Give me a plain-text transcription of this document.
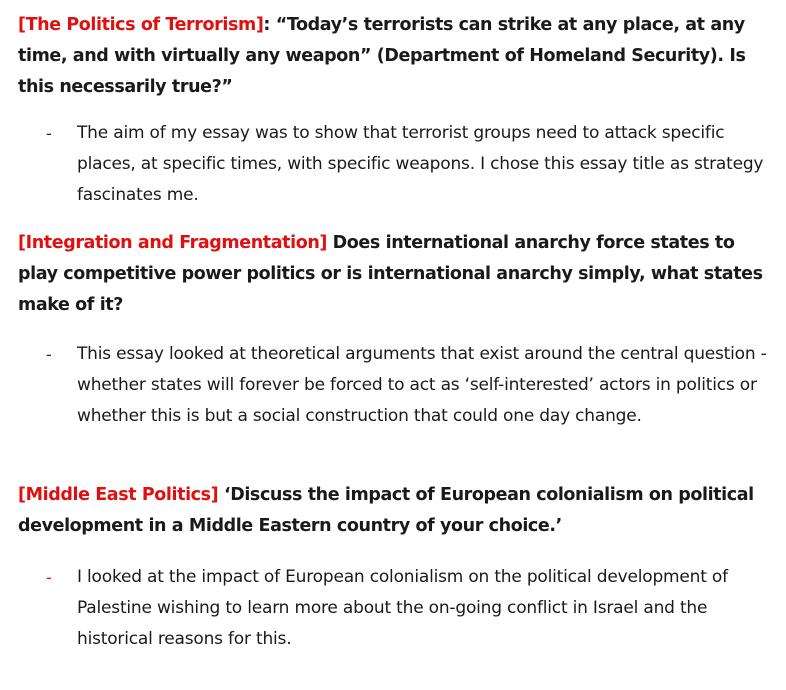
[The Politics of Terrorism]: “Today’s terrorists can strike at any place, at any time, and with virtually any weapon” (Department of Homeland Security). Is this necessarily true?”

- The aim of my essay was to show that terrorist groups need to attack specific places, at specific times, with specific weapons. I chose this essay title as strategy fascinates me.

[Integration and Fragmentation] Does international anarchy force states to play competitive power politics or is international anarchy simply, what states make of it?

- This essay looked at theoretical arguments that exist around the central question - whether states will forever be forced to act as ‘self-interested’ actors in politics or whether this is but a social construction that could one day change.

[Middle East Politics] ‘Discuss the impact of European colonialism on political development in a Middle Eastern country of your choice.’

- I looked at the impact of European colonialism on the political development of Palestine wishing to learn more about the on-going conflict in Israel and the historical reasons for this.
